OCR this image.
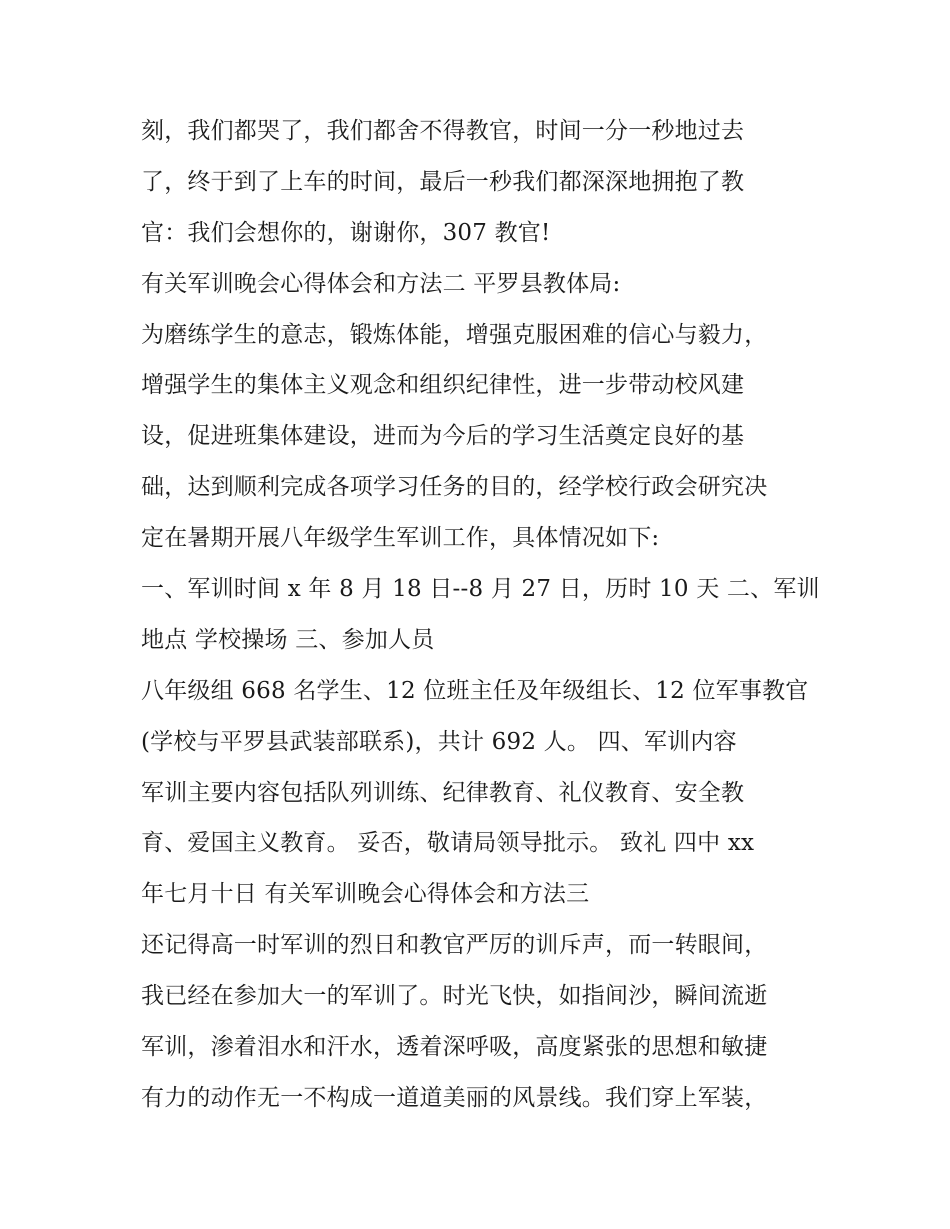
刻，我们都哭了，我们都舍不得教官，时间一分一秒地过去
了，终于到了上车的时间，最后一秒我们都深深地拥抱了教
官：我们会想你的，谢谢你，307 教官!
有关军训晚会心得体会和方法二 平罗县教体局:
为磨练学生的意志，锻炼体能，增强克服困难的信心与毅力，
增强学生的集体主义观念和组织纪律性，进一步带动校风建
设，促进班集体建设，进而为今后的学习生活奠定良好的基
础，达到顺利完成各项学习任务的目的，经学校行政会研究决
定在暑期开展八年级学生军训工作，具体情况如下:
一、军训时间 x 年 8 月 18 日--8 月 27 日，历时 10 天 二、军训
地点 学校操场 三、参加人员
八年级组 668 名学生、12 位班主任及年级组长、12 位军事教官
(学校与平罗县武装部联系)，共计 692 人。 四、军训内容
军训主要内容包括队列训练、纪律教育、礼仪教育、安全教
育、爱国主义教育。 妥否，敬请局领导批示。 致礼 四中 xx
年七月十日 有关军训晚会心得体会和方法三
还记得高一时军训的烈日和教官严厉的训斥声，而一转眼间，
我已经在参加大一的军训了。时光飞快，如指间沙，瞬间流逝
军训，渗着泪水和汗水，透着深呼吸，高度紧张的思想和敏捷
有力的动作无一不构成一道道美丽的风景线。我们穿上军装，
